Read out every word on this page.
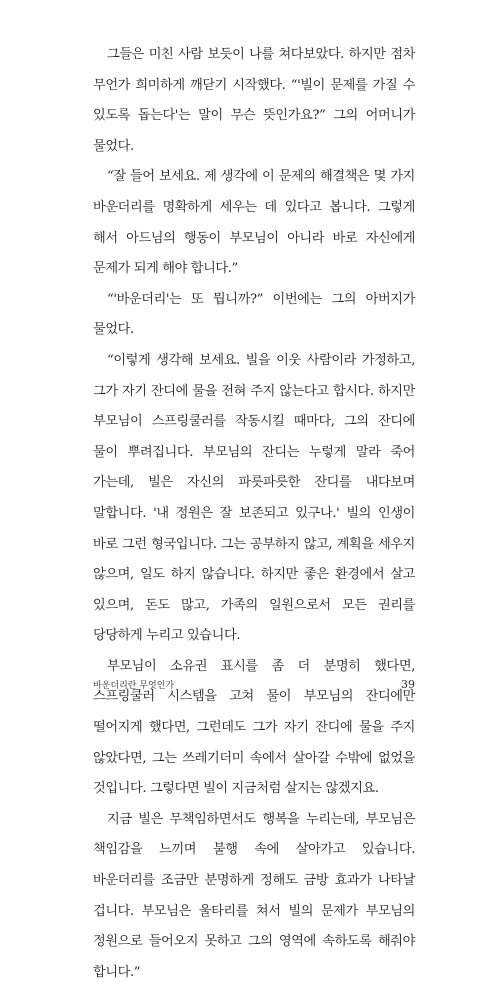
그들은 미친 사람 보듯이 나를 쳐다보았다. 하지만 점차 무언가 희미하게 깨닫기 시작했다. “'빌이 문제를 가질 수 있도록 돕는다'는 말이 무슨 뜻인가요?” 그의 어머니가 물었다.

“잘 들어 보세요. 제 생각에 이 문제의 해결책은 몇 가지 바운더리를 명확하게 세우는 데 있다고 봅니다. 그렇게 해서 아드님의 행동이 부모님이 아니라 바로 자신에게 문제가 되게 해야 합니다.”

“'바운더리'는 또 뭡니까?” 이번에는 그의 아버지가 물었다.

“이렇게 생각해 보세요. 빌을 이웃 사람이라 가정하고, 그가 자기 잔디에 물을 전혀 주지 않는다고 합시다. 하지만 부모님이 스프링쿨러를 작동시킬 때마다, 그의 잔디에 물이 뿌려집니다. 부모님의 잔디는 누렇게 말라 죽어 가는데, 빌은 자신의 파릇파릇한 잔디를 내다보며 말합니다. '내 정원은 잘 보존되고 있구나.' 빌의 인생이 바로 그런 형국입니다. 그는 공부하지 않고, 계획을 세우지 않으며, 일도 하지 않습니다. 하지만 좋은 환경에서 살고 있으며, 돈도 많고, 가족의 일원으로서 모든 권리를 당당하게 누리고 있습니다.

부모님이 소유권 표시를 좀 더 분명히 했다면, 스프링쿨러 시스템을 고쳐 물이 부모님의 잔디에만 떨어지게 했다면, 그런데도 그가 자기 잔디에 물을 주지 않았다면, 그는 쓰레기더미 속에서 살아갈 수밖에 없었을 것입니다. 그렇다면 빌이 지금처럼 살지는 않겠지요.

지금 빌은 무책임하면서도 행복을 누리는데, 부모님은 책임감을 느끼며 불행 속에 살아가고 있습니다. 바운더리를 조금만 분명하게 정해도 금방 효과가 나타날 겁니다. 부모님은 울타리를 쳐서 빌의 문제가 부모님의 정원으로 들어오지 못하고 그의 영역에 속하도록 해줘야 합니다.”

바운더리란 무엇인가	39
